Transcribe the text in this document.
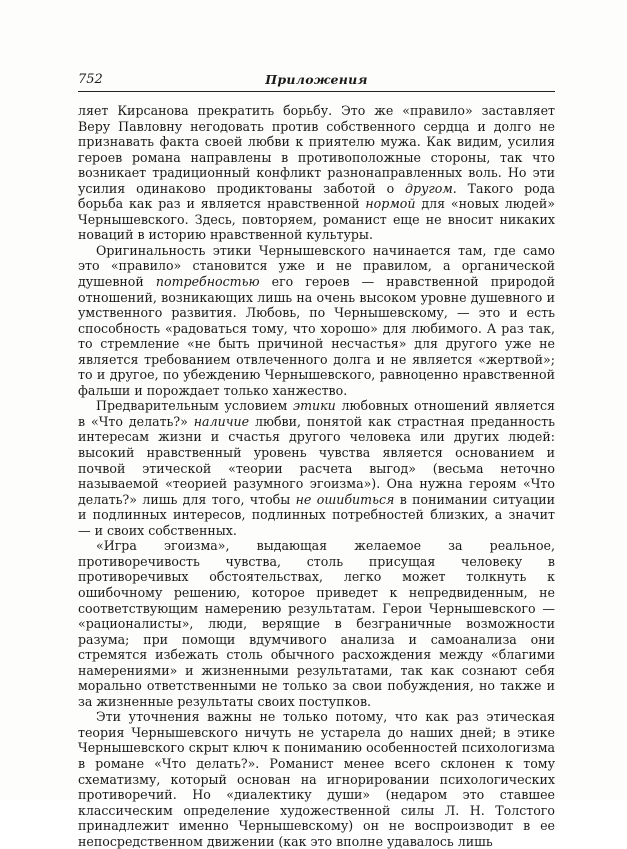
752	Приложения

ляет Кирсанова прекратить борьбу. Это же «правило» заставляет Веру Павловну негодовать против собственного сердца и долго не признавать факта своей любви к приятелю мужа. Как видим, усилия героев романа направлены в противоположные стороны, так что возникает традиционный конфликт разнонаправленных воль. Но эти усилия одинаково продиктованы заботой о другом. Такого рода борьба как раз и является нравственной нормой для «новых людей» Чернышевского. Здесь, повторяем, романист еще не вносит никаких новаций в историю нравственной культуры.

Оригинальность этики Чернышевского начинается там, где само это «правило» становится уже и не правилом, а органической душевной потребностью его героев — нравственной природой отношений, возникающих лишь на очень высоком уровне душевного и умственного развития. Любовь, по Чернышевскому, — это и есть способность «радоваться тому, что хорошо» для любимого. А раз так, то стремление «не быть причиной несчастья» для другого уже не является требованием отвлеченного долга и не является «жертвой»; то и другое, по убеждению Чернышевского, равноценно нравственной фальши и порождает только ханжество.

Предварительным условием этики любовных отношений является в «Что делать?» наличие любви, понятой как страстная преданность интересам жизни и счастья другого человека или других людей: высокий нравственный уровень чувства является основанием и почвой этической «теории расчета выгод» (весьма неточно называемой «теорией разумного эгоизма»). Она нужна героям «Что делать?» лишь для того, чтобы не ошибиться в понимании ситуации и подлинных интересов, подлинных потребностей близких, а значит — и своих собственных.

«Игра эгоизма», выдающая желаемое за реальное, противоречивость чувства, столь присущая человеку в противоречивых обстоятельствах, легко может толкнуть к ошибочному решению, которое приведет к непредвиденным, не соответствующим намерению результатам. Герои Чернышевского — «рационалисты», люди, верящие в безграничные возможности разума; при помощи вдумчивого анализа и самоанализа они стремятся избежать столь обычного расхождения между «благими намерениями» и жизненными результатами, так как сознают себя морально ответственными не только за свои побуждения, но также и за жизненные результаты своих поступков.

Эти уточнения важны не только потому, что как раз этическая теория Чернышевского ничуть не устарела до наших дней; в этике Чернышевского скрыт ключ к пониманию особенностей психологизма в романе «Что делать?». Романист менее всего склонен к тому схематизму, который основан на игнорировании психологических противоречий. Но «диалектику души» (недаром это ставшее классическим определение художественной силы Л. Н. Толстого принадлежит именно Чернышевскому) он не воспроизводит в ее непосредственном движении (как это вполне удавалось лишь
